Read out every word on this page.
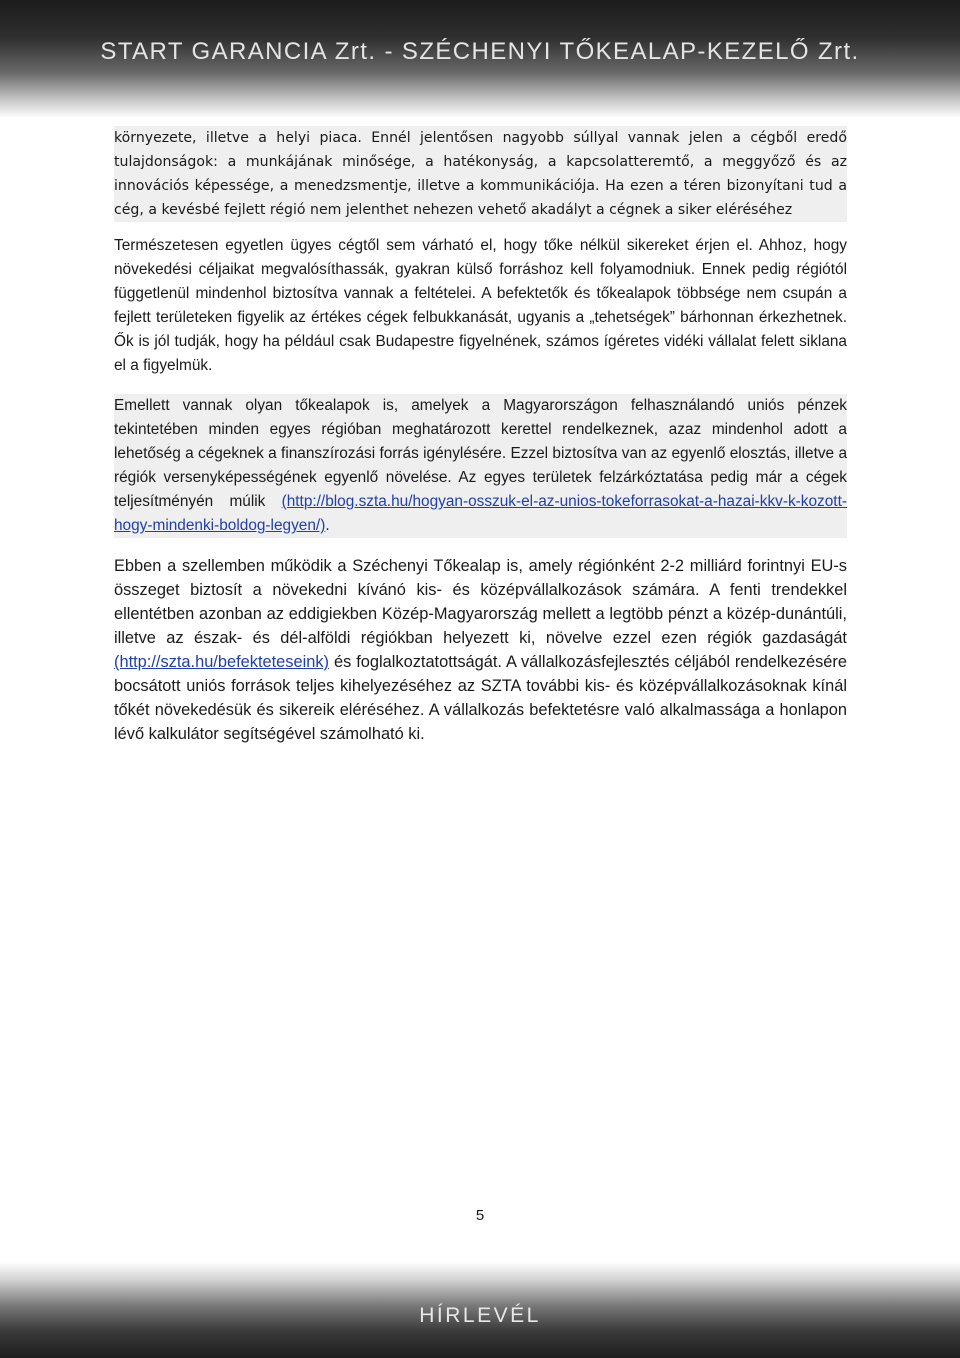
START GARANCIA Zrt. - SZÉCHENYI TŐKEALAP-KEZELŐ Zrt.

környezete, illetve a helyi piaca. Ennél jelentősen nagyobb súllyal vannak jelen a cégből eredő tulajdonságok: a munkájának minősége, a hatékonyság, a kapcsolatteremtő, a meggyőző és az innovációs képessége, a menedzsmentje, illetve a kommunikációja. Ha ezen a téren bizonyítani tud a cég, a kevésbé fejlett régió nem jelenthet nehezen vehető akadályt a cégnek a siker eléréséhez

Természetesen egyetlen ügyes cégtől sem várható el, hogy tőke nélkül sikereket érjen el. Ahhoz, hogy növekedési céljaikat megvalósíthassák, gyakran külső forráshoz kell folyamodniuk. Ennek pedig régiótól függetlenül mindenhol biztosítva vannak a feltételei. A befektetők és tőkealapok többsége nem csupán a fejlett területeken figyelik az értékes cégek felbukkanását, ugyanis a „tehetségek” bárhonnan érkezhetnek. Ők is jól tudják, hogy ha például csak Budapestre figyelnének, számos ígéretes vidéki vállalat felett siklana el a figyelmük.

Emellett vannak olyan tőkealapok is, amelyek a Magyarországon felhasználandó uniós pénzek tekintetében minden egyes régióban meghatározott kerettel rendelkeznek, azaz mindenhol adott a lehetőség a cégeknek a finanszírozási forrás igénylésére. Ezzel biztosítva van az egyenlő elosztás, illetve a régiók versenyképességének egyenlő növelése. Az egyes területek felzárkóztatása pedig már a cégek teljesítményén múlik (http://blog.szta.hu/hogyan-osszuk-el-az-unios-tokeforrasokat-a-hazai-kkv-k-kozott-hogy-mindenki-boldog-legyen/).

Ebben a szellemben működik a Széchenyi Tőkealap is, amely régiónként 2-2 milliárd forintnyi EU-s összeget biztosít a növekedni kívánó kis- és középvállalkozások számára. A fenti trendekkel ellentétben azonban az eddigiekben Közép-Magyarország mellett a legtöbb pénzt a közép-dunántúli, illetve az észak- és dél-alföldi régiókban helyezett ki, növelve ezzel ezen régiók gazdaságát (http://szta.hu/befekteteseink) és foglalkoztatottságát. A vállalkozásfejlesztés céljából rendelkezésére bocsátott uniós források teljes kihelyezéséhez az SZTA további kis- és középvállalkozásoknak kínál tőkét növekedésük és sikereik eléréséhez. A vállalkozás befektetésre való alkalmassága a honlapon lévő kalkulátor segítségével számolható ki.

5
HÍRLEVÉL
